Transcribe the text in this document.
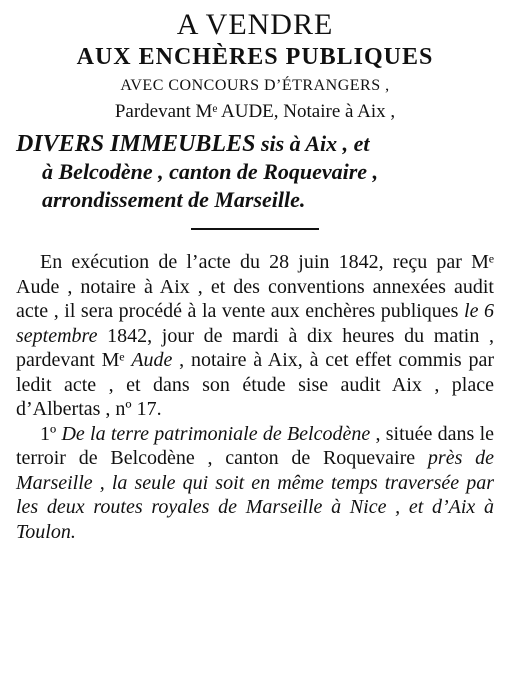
A VENDRE
AUX ENCHÈRES PUBLIQUES
AVEC CONCOURS D’ÉTRANGERS ,
Pardevant Mᵉ AUDE, Notaire à Aix ,
DIVERS IMMEUBLES sis à Aix , et
à Belcodène , canton de Roquevaire ,
arrondissement de Marseille.

En exécution de l’acte du 28 juin 1842, reçu par Mᵉ Aude , notaire à Aix , et des conventions annexées audit acte , il sera procédé à la vente aux enchères publiques le 6 septembre 1842, jour de mardi à dix heures du matin , pardevant Mᵉ Aude , notaire à Aix, à cet effet commis par ledit acte , et dans son étude sise audit Aix , place d’Albertas , nº 17.

1º De la terre patrimoniale de Belcodène , située dans le terroir de Belcodène , canton de Roquevaire près de Marseille , la seule qui soit en même temps traversée par les deux routes royales de Marseille à Nice , et d’Aix à Toulon.
